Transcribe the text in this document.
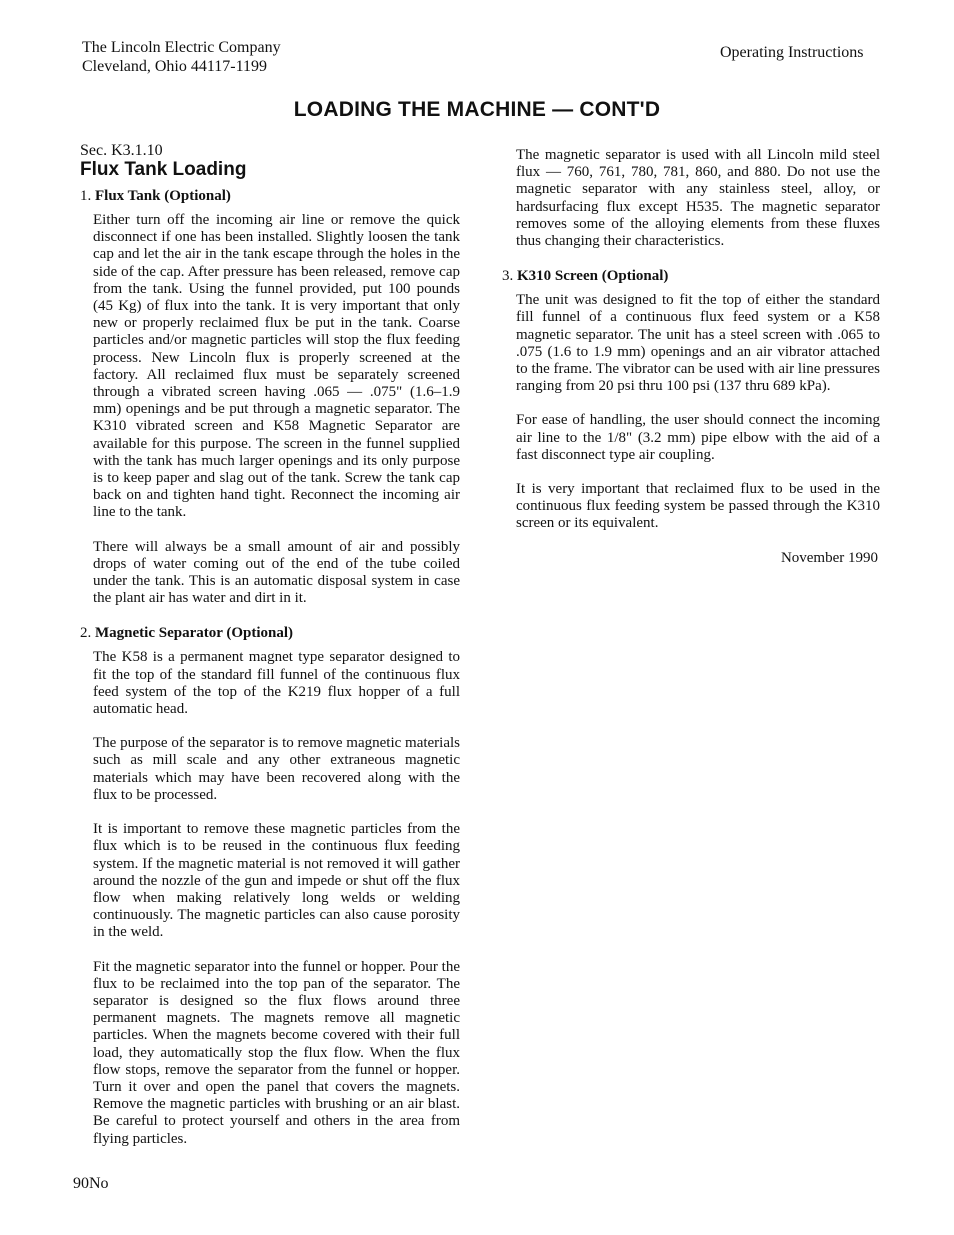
The Lincoln Electric Company
Cleveland, Ohio 44117-1199
Operating Instructions
LOADING THE MACHINE — CONT'D

Sec. K3.1.10

Flux Tank Loading

1. Flux Tank (Optional)

Either turn off the incoming air line or remove the quick disconnect if one has been installed. Slightly loosen the tank cap and let the air in the tank escape through the holes in the side of the cap. After pressure has been released, remove cap from the tank. Using the funnel provided, put 100 pounds (45 Kg) of flux into the tank. It is very important that only new or properly reclaimed flux be put in the tank. Coarse particles and/or magnetic particles will stop the flux feeding process. New Lincoln flux is properly screened at the factory. All reclaimed flux must be separately screened through a vibrated screen having .065 — .075" (1.6–1.9 mm) openings and be put through a magnetic separator. The K310 vibrated screen and K58 Magnetic Separator are available for this purpose. The screen in the funnel supplied with the tank has much larger openings and its only purpose is to keep paper and slag out of the tank. Screw the tank cap back on and tighten hand tight. Reconnect the incoming air line to the tank.

There will always be a small amount of air and possibly drops of water coming out of the end of the tube coiled under the tank. This is an automatic disposal system in case the plant air has water and dirt in it.

2. Magnetic Separator (Optional)

The K58 is a permanent magnet type separator designed to fit the top of the standard fill funnel of the continuous flux feed system of the top of the K219 flux hopper of a full automatic head.

The purpose of the separator is to remove magnetic materials such as mill scale and any other extraneous magnetic materials which may have been recovered along with the flux to be processed.

It is important to remove these magnetic particles from the flux which is to be reused in the continuous flux feeding system. If the magnetic material is not removed it will gather around the nozzle of the gun and impede or shut off the flux flow when making relatively long welds or welding continuously. The magnetic particles can also cause porosity in the weld.

Fit the magnetic separator into the funnel or hopper. Pour the flux to be reclaimed into the top pan of the separator. The separator is designed so the flux flows around three permanent magnets. The magnets remove all magnetic particles. When the magnets become covered with their full load, they automatically stop the flux flow. When the flux flow stops, remove the separator from the funnel or hopper. Turn it over and open the panel that covers the magnets. Remove the magnetic particles with brushing or an air blast. Be careful to protect yourself and others in the area from flying particles.

The magnetic separator is used with all Lincoln mild steel flux — 760, 761, 780, 781, 860, and 880. Do not use the magnetic separator with any stainless steel, alloy, or hardsurfacing flux except H535. The magnetic separator removes some of the alloying elements from these fluxes thus changing their characteristics.

3. K310 Screen (Optional)

The unit was designed to fit the top of either the standard fill funnel of a continuous flux feed system or a K58 magnetic separator. The unit has a steel screen with .065 to .075 (1.6 to 1.9 mm) openings and an air vibrator attached to the frame. The vibrator can be used with air line pressures ranging from 20 psi thru 100 psi (137 thru 689 kPa).

For ease of handling, the user should connect the incoming air line to the 1/8" (3.2 mm) pipe elbow with the aid of a fast disconnect type air coupling.

It is very important that reclaimed flux to be used in the continuous flux feeding system be passed through the K310 screen or its equivalent.

November 1990

90No
